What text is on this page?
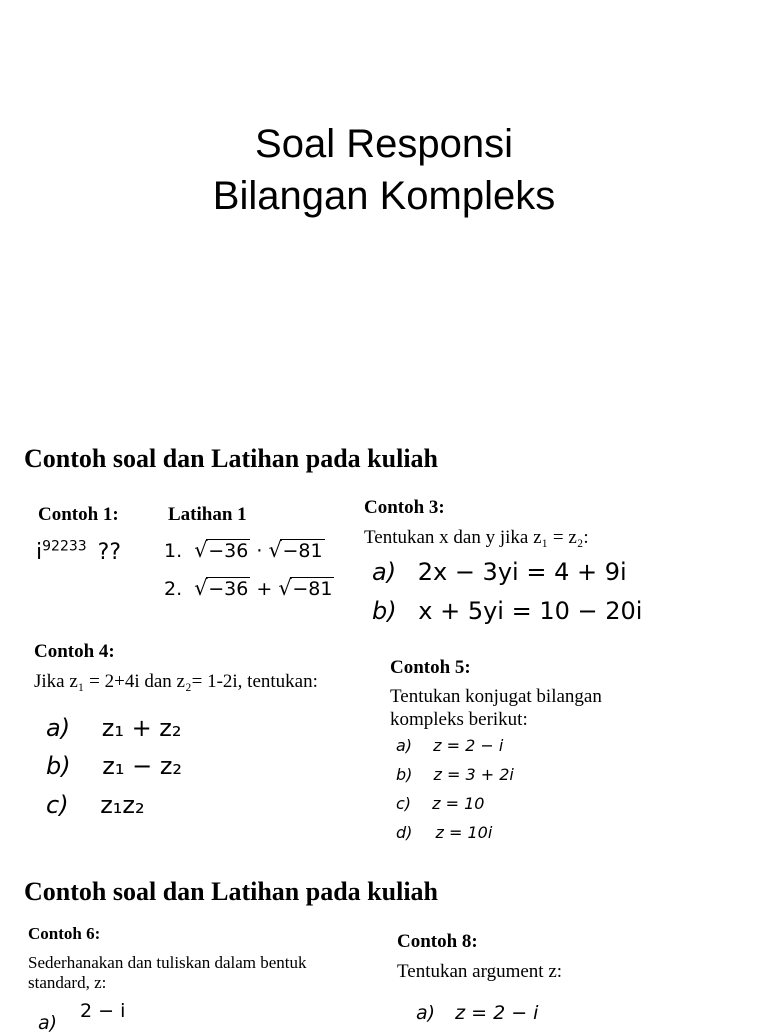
Soal Responsi
Bilangan Kompleks
Contoh soal dan Latihan pada kuliah
Contoh 1:
$i^{92233}$ ??
Latihan 1
1. √ −36 · √ −81
2. √ −36 + √ −81
Contoh 3:
Tentukan x dan y jika z₁ = z₂:
a) 2x − 3yi = 4 + 9i
b) x + 5yi = 10 − 20i
Contoh 4:
Jika z₁ = 2+4i dan z₂= 1-2i, tentukan:
a) z₁ + z₂
b) z₁ − z₂
c) z₁z₂
Contoh 5:
Tentukan konjugat bilangan
kompleks berikut:
a) z = 2 − i
b) z = 3 + 2i
c) z = 10
d) z = 10i
Contoh soal dan Latihan pada kuliah
Contoh 6:
Sederhanakan dan tuliskan dalam bentuk
standard, z:
2 − i
a)
Contoh 8:
Tentukan argument z:
a) z = 2 − i
